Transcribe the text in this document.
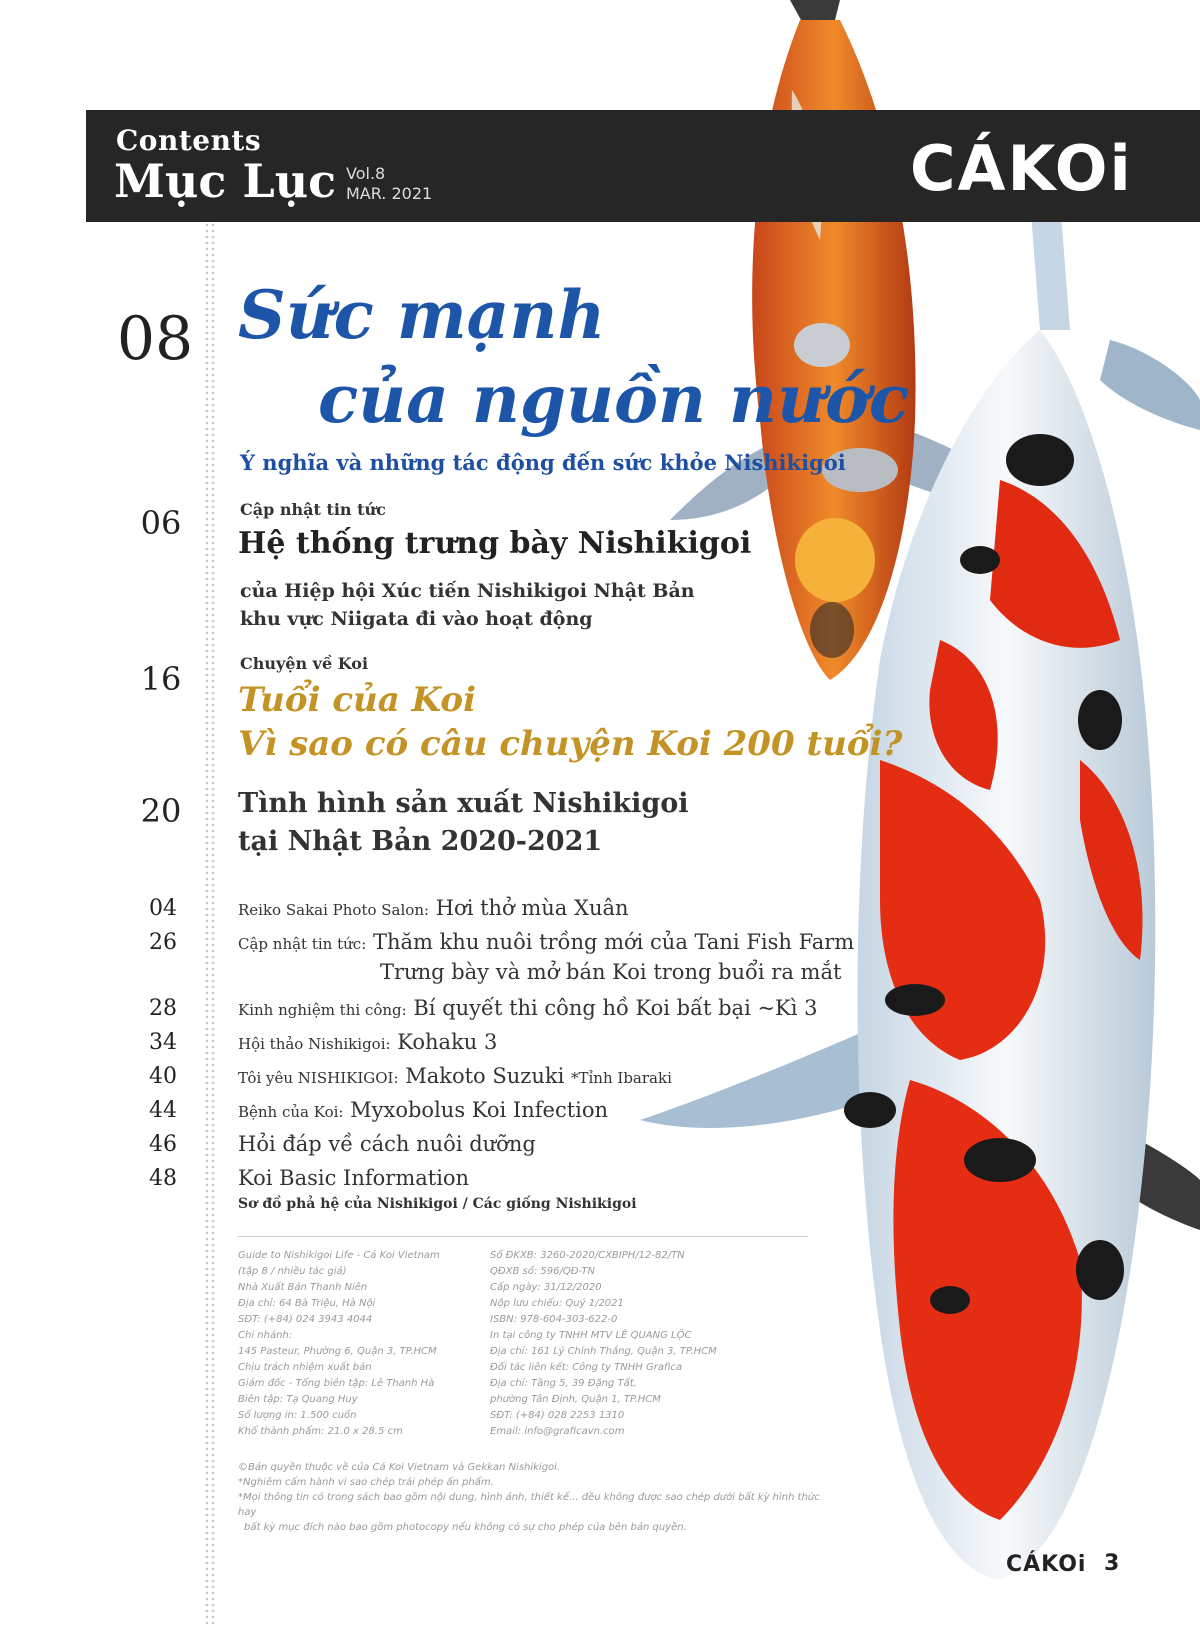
Contents
Mục Lục Vol.8
MAR. 2021	CÁKOi
08 Sức mạnh
của nguồn nước
Ý nghĩa và những tác động đến sức khỏe Nishikigoi
06	Cập nhật tin tức
Hệ thống trưng bày Nishikigoi
của Hiệp hội Xúc tiến Nishikigoi Nhật Bản
khu vực Niigata đi vào hoạt động
16	Chuyện về Koi
Tuổi của Koi
Vì sao có câu chuyện Koi 200 tuổi?
20	Tình hình sản xuất Nishikigoi
tại Nhật Bản 2020-2021
04	Reiko Sakai Photo Salon: Hơi thở mùa Xuân
26	Cập nhật tin tức: Thăm khu nuôi trồng mới của Tani Fish Farm
Trưng bày và mở bán Koi trong buổi ra mắt
28	Kinh nghiệm thi công: Bí quyết thi công hồ Koi bất bại ~Kì 3
34	Hội thảo Nishikigoi: Kohaku 3
40	Tôi yêu NISHIKIGOI: Makoto Suzuki *Tỉnh Ibaraki
44	Bệnh của Koi: Myxobolus Koi Infection
46	Hỏi đáp về cách nuôi dưỡng
48	Koi Basic Information
Sơ đồ phả hệ của Nishikigoi / Các giống Nishikigoi
Guide to Nishikigoi Life - Cá Koi Vietnam
(tập 8 / nhiều tác giả)
Nhà Xuất Bản Thanh Niên
Địa chỉ: 64 Bà Triệu, Hà Nội
SĐT: (+84) 024 3943 4044
Chi nhánh:
145 Pasteur, Phường 6, Quận 3, TP.HCM
Chịu trách nhiệm xuất bản
Giám đốc - Tổng biên tập: Lê Thanh Hà
Biên tập: Tạ Quang Huy
Số lượng in: 1.500 cuốn
Khổ thành phẩm: 21.0 x 28.5 cm
Số ĐKXB: 3260-2020/CXBIPH/12-82/TN
QĐXB số: 596/QĐ-TN
Cấp ngày: 31/12/2020
Nộp lưu chiểu: Quý 1/2021
ISBN: 978-604-303-622-0
In tại công ty TNHH MTV LÊ QUANG LỘC
Địa chỉ: 161 Lý Chính Thắng, Quận 3, TP.HCM
Đối tác liên kết: Công ty TNHH Grafica
Địa chỉ: Tầng 5, 39 Đặng Tất,
phường Tân Định, Quận 1, TP.HCM
SĐT: (+84) 028 2253 1310
Email: info@graficavn.com
©Bản quyền thuộc về của Cá Koi Vietnam và Gekkan Nishikigoi.
*Nghiêm cấm hành vi sao chép trái phép ấn phẩm.
*Mọi thông tin có trong sách bao gồm nội dung, hình ảnh, thiết kế... đều không được sao chép dưới bất kỳ hình thức hay
bất kỳ mục đích nào bao gồm photocopy nếu không có sự cho phép của bên bản quyền.
CÁKOi 3
